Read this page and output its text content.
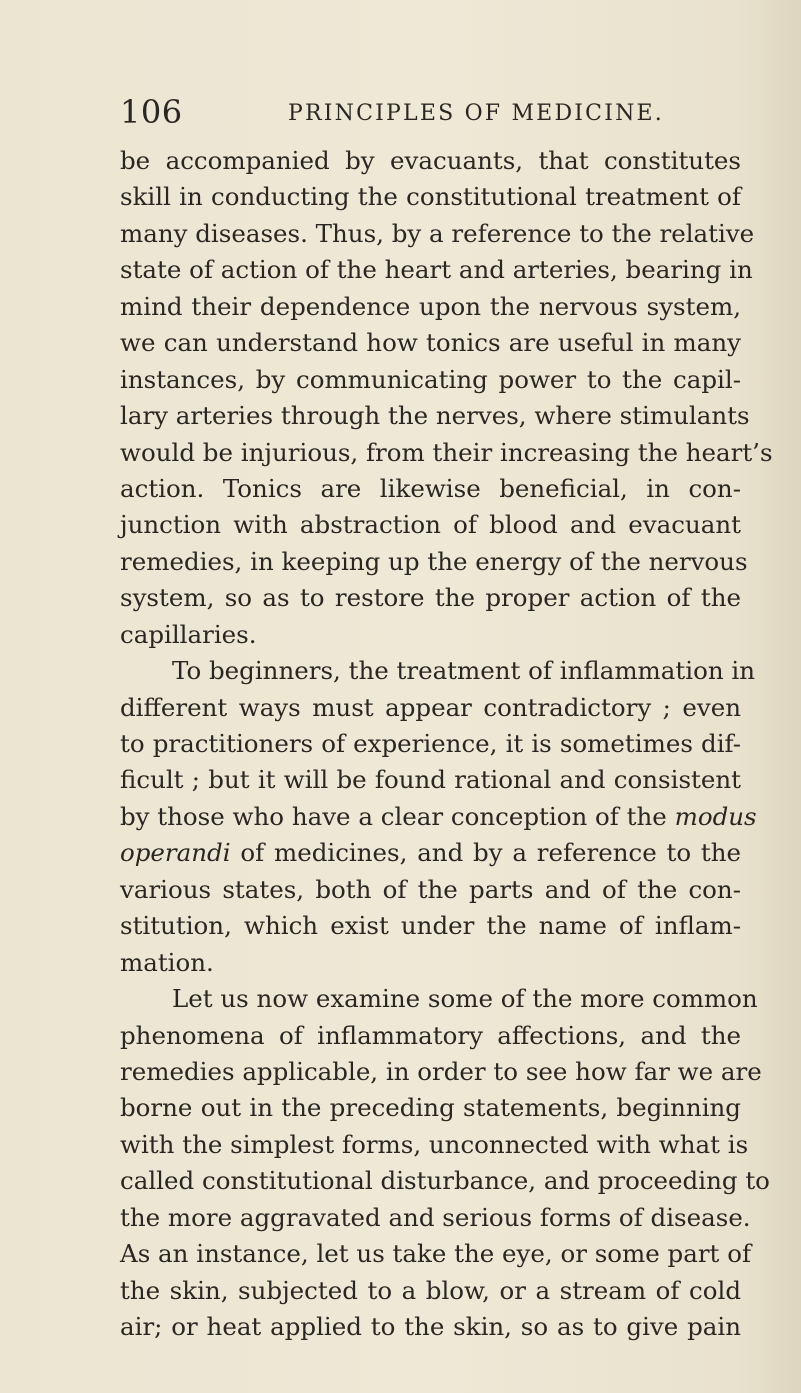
106	PRINCIPLES OF MEDICINE.
be accompanied by evacuants, that constitutes
skill in conducting the constitutional treatment of
many diseases. Thus, by a reference to the relative
state of action of the heart and arteries, bearing in
mind their dependence upon the nervous system,
we can understand how tonics are useful in many
instances, by communicating power to the capil-
lary arteries through the nerves, where stimulants
would be injurious, from their increasing the heart’s
action. Tonics are likewise beneficial, in con-
junction with abstraction of blood and evacuant
remedies, in keeping up the energy of the nervous
system, so as to restore the proper action of the
capillaries.
To beginners, the treatment of inflammation in
different ways must appear contradictory ; even
to practitioners of experience, it is sometimes dif-
ficult ; but it will be found rational and consistent
by those who have a clear conception of the modus
operandi of medicines, and by a reference to the
various states, both of the parts and of the con-
stitution, which exist under the name of inflam-
mation.
Let us now examine some of the more common
phenomena of inflammatory affections, and the
remedies applicable, in order to see how far we are
borne out in the preceding statements, beginning
with the simplest forms, unconnected with what is
called constitutional disturbance, and proceeding to
the more aggravated and serious forms of disease.
As an instance, let us take the eye, or some part of
the skin, subjected to a blow, or a stream of cold
air; or heat applied to the skin, so as to give pain
